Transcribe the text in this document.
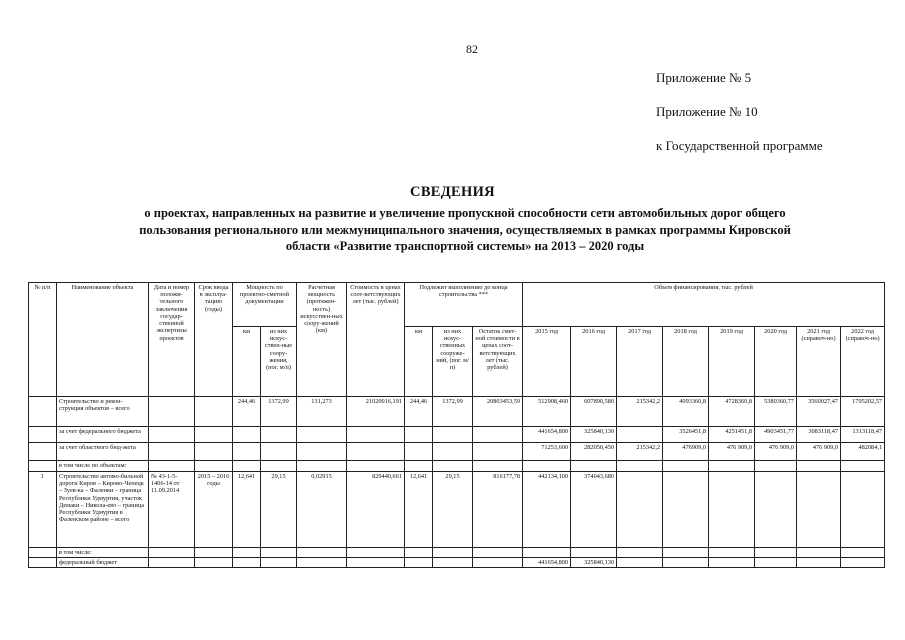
82
Приложение № 5
Приложение № 10
к Государственной программе
СВЕДЕНИЯ
о проектах, направленных на развитие и увеличение пропускной способности сети автомобильных дорог общего
пользования регионального или межмуниципального значения, осуществляемых в рамках программы Кировской
области «Развитие транспортной системы» на 2013 – 2020 годы
№ п/п	Наименование объекта	Дата и номер положи-тельного заключения государ-ственной экспертизы проектов	Срок ввода в эксплуа-тацию (годы)	Мощность по проектно-сметной документации		Расчетная мощность (протяжен-ность) искусствен-ных соору-жений (км)	Стоимость в ценах соот-ветствующих лет (тыс. рублей)	Подлежит выполнению до конца строительства ***			Объем финансирования, тыс. рублей							
				км	из них искус-ствен-ные соору-жения, (пог. м/п)			км	из них искус-ственных сооруже-ний, (пог. м/п)	Остаток смет-ной стоимости в ценах соот-ветствующих лет (тыс. рублей)	2015 год	2016 год	2017 год	2018 год	2019 год	2020 год	2021 год (справоч-но)	2022 год (справоч-но)
	Строительство и рекон-струкция объектов – всего			244,46	1372,99	131,273	21020016,191	244,46	1372,99	20803453,59	512908,460	607890,580	215342,2	4093360,8	4728360,8	5380360,77	3560027,47	1795202,57
	за счет федерального бюджета										441654,800	325840,130		3526451,8	4251451,8	4903451,77	3083118,47	1313118,47
	за счет областного бюд-жета										71253,600	282050,450	215342,2	476909,0	476 909,0	476 909,0	476 909,0	482084,1
	в том числе по объектам:																	
1	Строительство автомо-бильной дороги Киров – Кирово-Чепецк – Зуев-ка – Фаленки – граница Республики Удмуртия, участок Демаки – Никола-ево – граница Республики Удмуртия в Фаленском районе – всего	№ 43-1-5-1406-14 от 11.09.2014	2015 – 2016 годы	12,641	29,15	0,02915	829440,661	12,641	29,15	816177,78	442134,100	374043,680						
	в том числе:																	
	федеральный бюджет										441654,800	325840,130						
